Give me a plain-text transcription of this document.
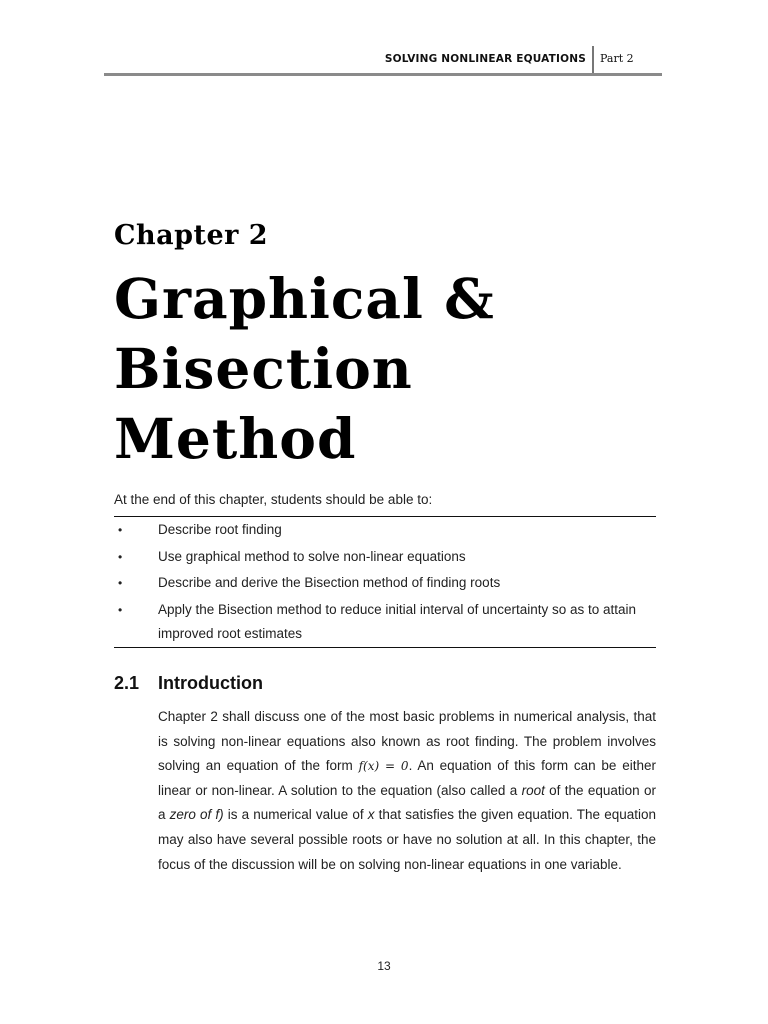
SOLVING NONLINEAR EQUATIONS Part 2
Chapter 2
Graphical &
Bisection
Method
At the end of this chapter, students should be able to:
•	Describe root finding
•	Use graphical method to solve non-linear equations
•	Describe and derive the Bisection method of finding roots
•	Apply the Bisection method to reduce initial interval of uncertainty so as to attain improved root estimates
2.1 Introduction

Chapter 2 shall discuss one of the most basic problems in numerical analysis, that is solving non-linear equations also known as root finding. The problem involves solving an equation of the form f(x) = 0. An equation of this form can be either linear or non-linear. A solution to the equation (also called a root of the equation or a zero of f) is a numerical value of x that satisfies the given equation. The equation may also have several possible roots or have no solution at all. In this chapter, the focus of the discussion will be on solving non-linear equations in one variable.

13
